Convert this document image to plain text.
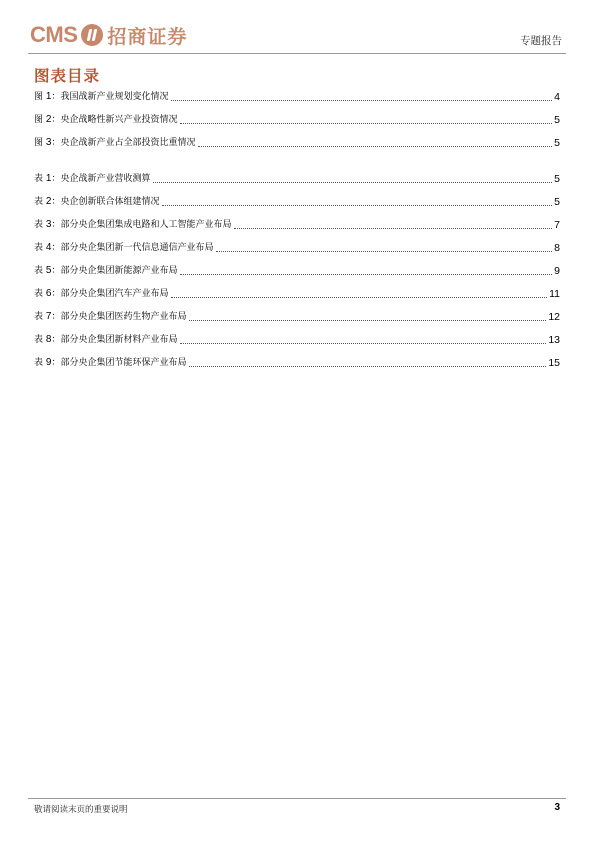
CMS 招商证券	专题报告
图表目录
图 1：我国战新产业规划变化情况	4
图 2：央企战略性新兴产业投资情况	5
图 3：央企战新产业占全部投资比重情况	5
表 1：央企战新产业营收测算	5
表 2：央企创新联合体组建情况	5
表 3：部分央企集团集成电路和人工智能产业布局	7
表 4：部分央企集团新一代信息通信产业布局	8
表 5：部分央企集团新能源产业布局	9
表 6：部分央企集团汽车产业布局	11
表 7：部分央企集团医药生物产业布局	12
表 8：部分央企集团新材料产业布局	13
表 9：部分央企集团节能环保产业布局	15
敬请阅读末页的重要说明	3
